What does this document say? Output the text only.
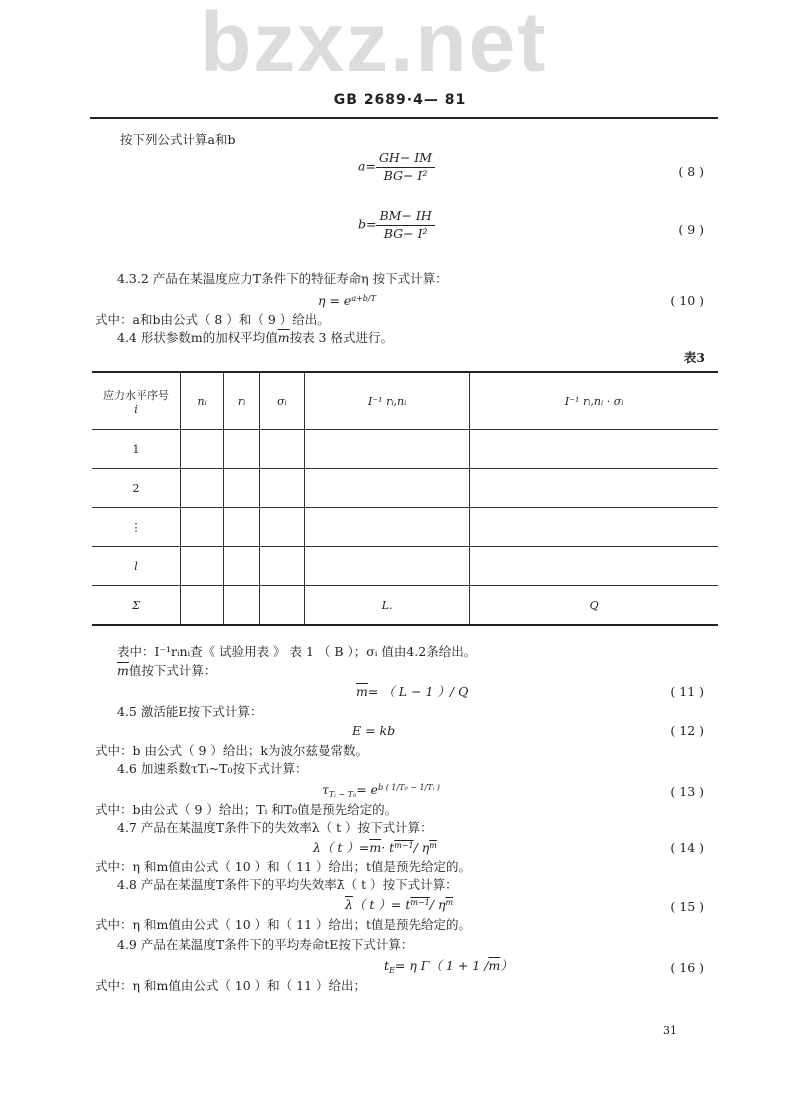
bzxz.net
GB 2689·4— 81
按下列公式计算a和b
$a= \frac{GH- IM}{\text{BG− I²}}$	( 8 )
$b= \frac{BM- IH}{\text{BG− I²}}$	( 9 )
4.3.2 产品在某温度应力T条件下的特征寿命η 按下式计算：
$\eta = e^{a+b/T}$	( 10 )
式中：a和b由公式（ 8 ）和（ 9 ）给出。
4.4 形状参数m的加权平均值$\overline{m}$按表 3 格式进行。
表3
应力水平序号
i	nᵢ	rᵢ	σᵢ	I⁻¹ rᵢ,nᵢ	I⁻¹ rᵢ,nᵢ · σᵢ
1					
2					
⋮					
l					
Σ				L.	Q
表中：I⁻¹rᵢnᵢ查《 试验用表 》 表 1 （ B ）；σᵢ 值由4.2条给出。
$\overline{m}$值按下式计算：
$\overline{m}=$ （ L − 1 ）/ Q	( 11 )
4.5 激活能E按下式计算：
E = kb	( 12 )
式中：b 由公式（ 9 ）给出；k为波尔兹曼常数。
4.6 加速系数τTᵢ~T₀按下式计算：
$\tau_{Tᵢ \sim T_0}= e^{b ( 1/T_0 - 1/Tᵢ )}$	( 13 )
式中：b由公式（ 9 ）给出；Tᵢ 和T₀值是预先给定的。
4.7 产品在某温度T条件下的失效率λ（ t ）按下式计算：
λ（ t ）$=\overline{m}\cdot t^{m-1}/$ $\eta^{\overline{m}}$	( 14 )
式中：η 和m值由公式（ 10 ）和（ 11 ）给出；t值是预先给定的。
4.8 产品在某温度T条件下的平均失效率λ̄（ t ）按下式计算：
$\overline{\lambda}$（ t ）= $t^{m-1}/$ $\eta^{\overline{m}}$	( 15 )
式中：η 和m值由公式（ 10 ）和（ 11 ）给出；t值是预先给定的。
4.9 产品在某温度T条件下的平均寿命tE按下式计算：
$t_E= \eta$ Γ（ 1 + 1 $/\overline{m}$）	( 16 )
式中：η 和m值由公式（ 10 ）和（ 11 ）给出；
31
